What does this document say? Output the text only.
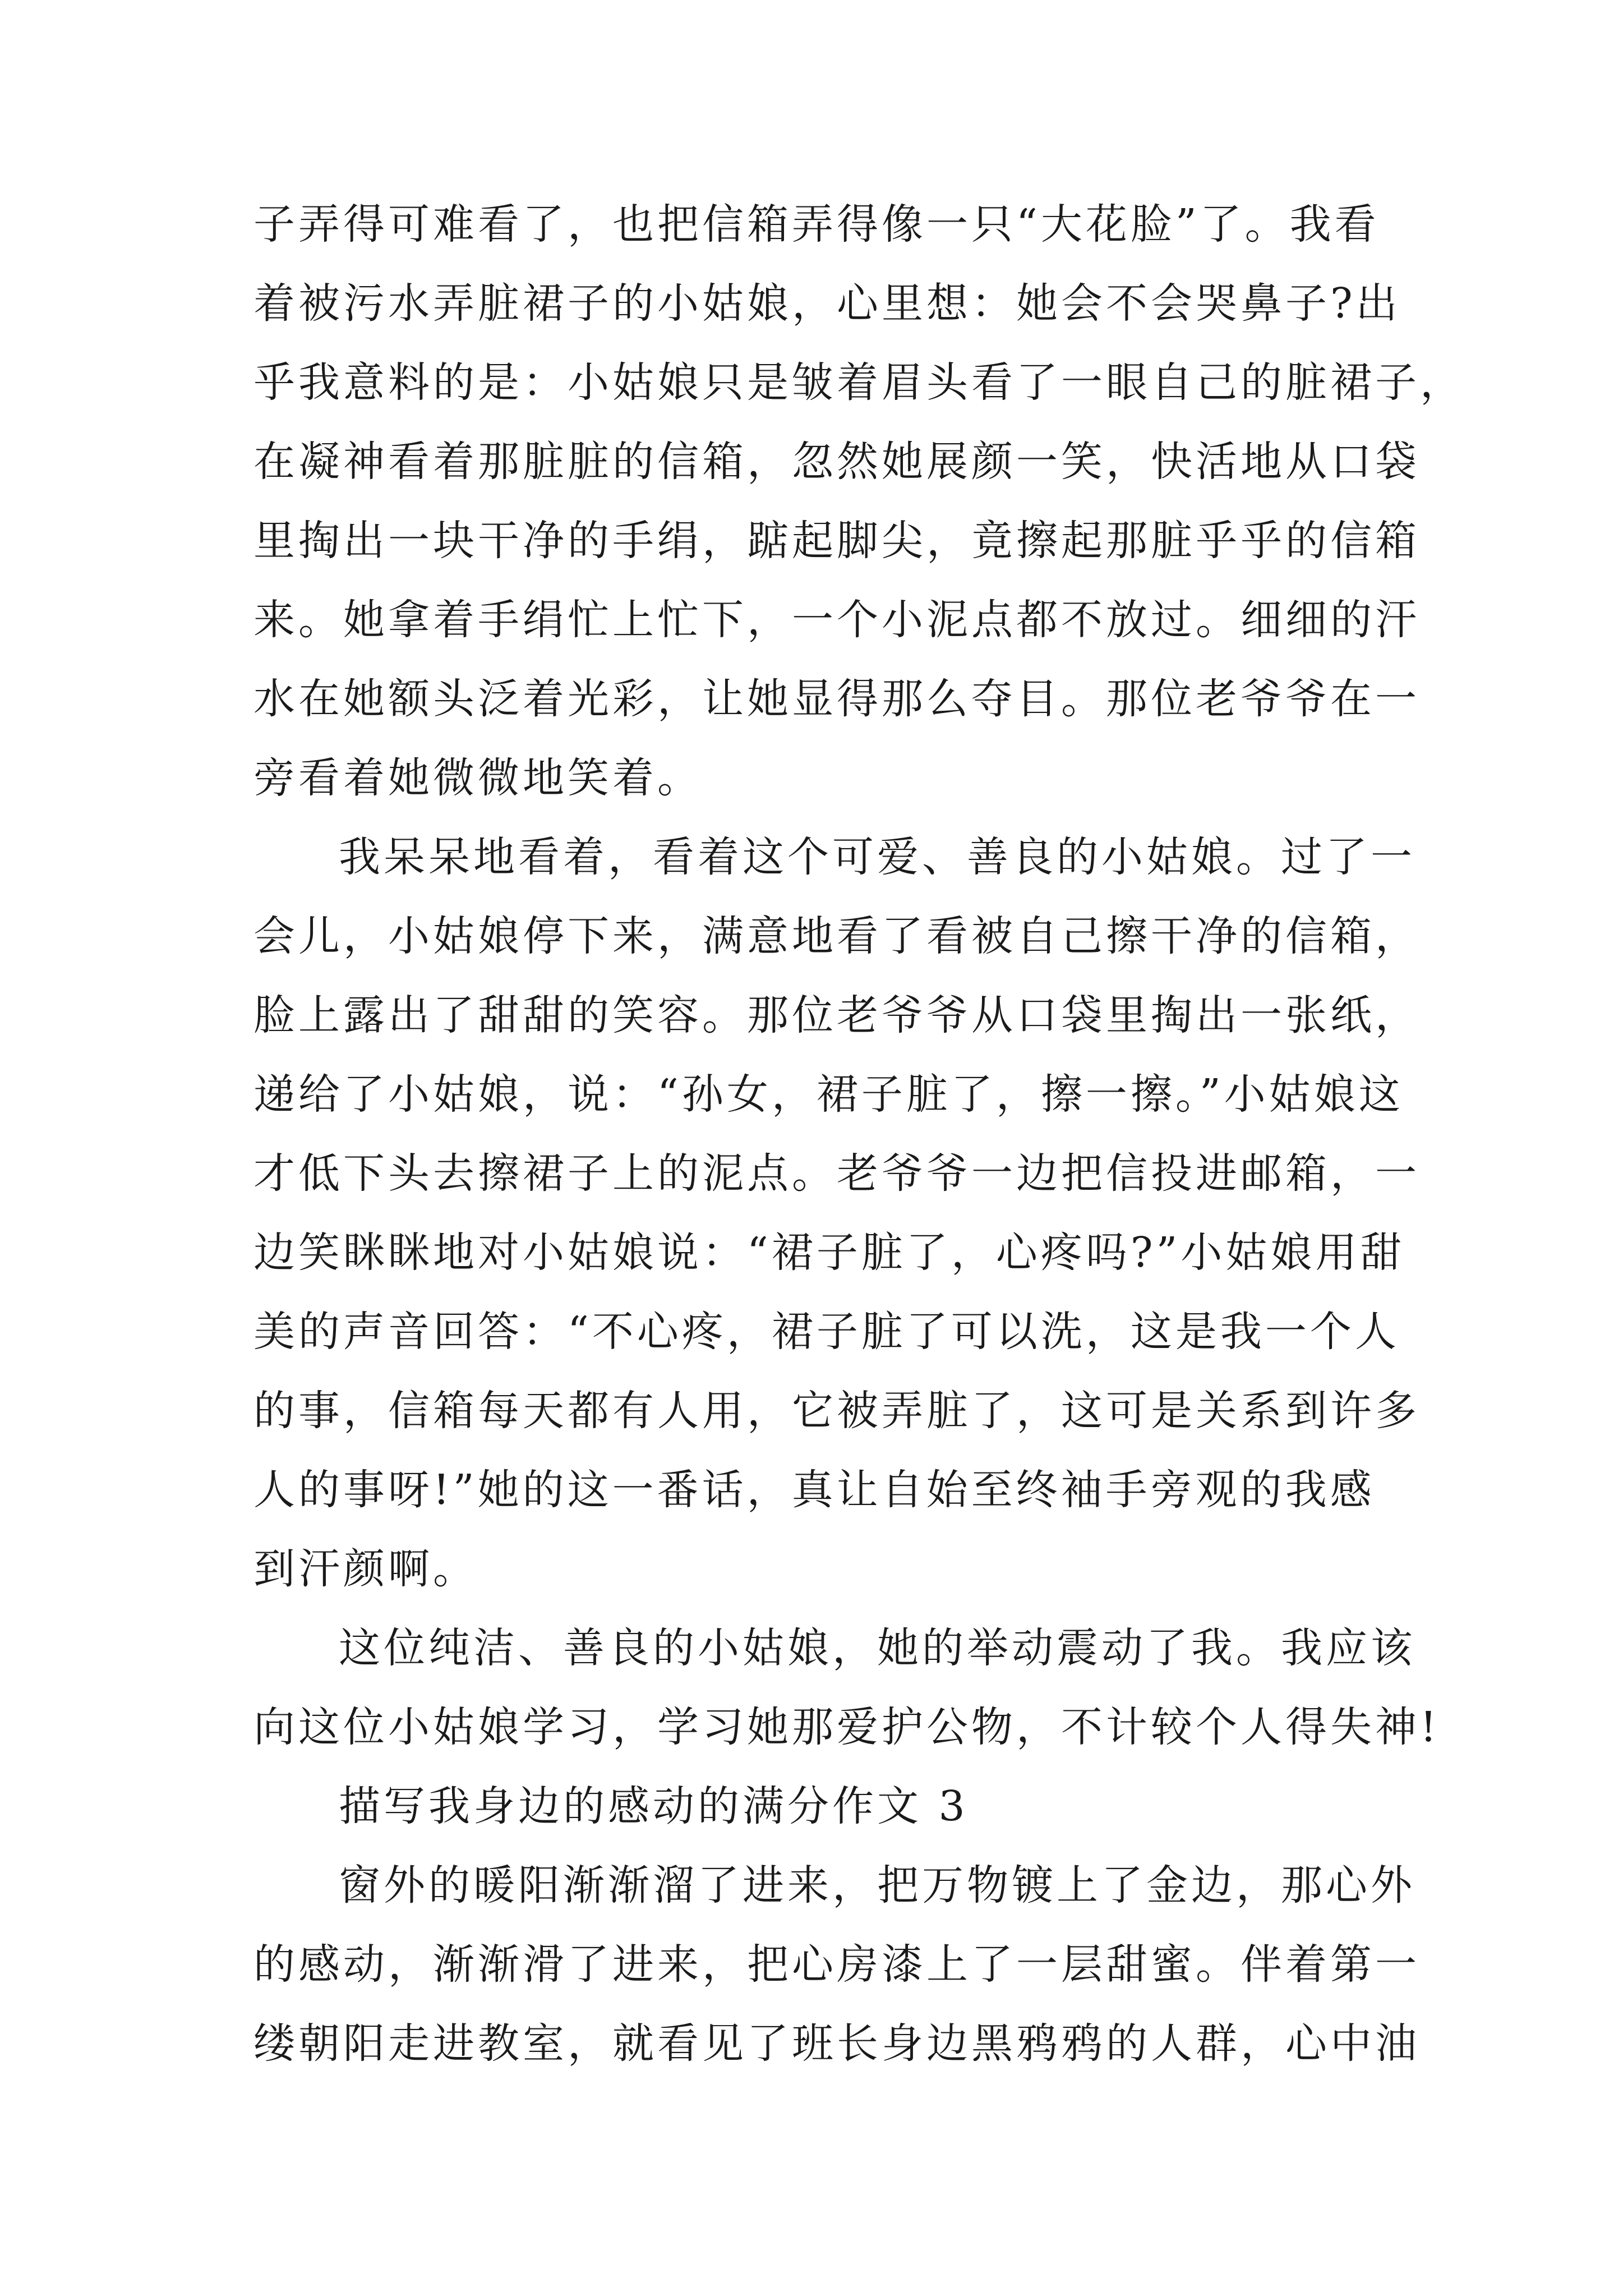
子弄得可难看了，也把信箱弄得像一只“大花脸”了。我看
着被污水弄脏裙子的小姑娘，心里想：她会不会哭鼻子?出
乎我意料的是：小姑娘只是皱着眉头看了一眼自己的脏裙子，
在凝神看着那脏脏的信箱，忽然她展颜一笑，快活地从口袋
里掏出一块干净的手绢，踮起脚尖，竟擦起那脏乎乎的信箱
来。她拿着手绢忙上忙下，一个小泥点都不放过。细细的汗
水在她额头泛着光彩，让她显得那么夺目。那位老爷爷在一
旁看着她微微地笑着。
我呆呆地看着，看着这个可爱、善良的小姑娘。过了一
会儿，小姑娘停下来，满意地看了看被自己擦干净的信箱，
脸上露出了甜甜的笑容。那位老爷爷从口袋里掏出一张纸，
递给了小姑娘，说：“孙女，裙子脏了，擦一擦。”小姑娘这
才低下头去擦裙子上的泥点。老爷爷一边把信投进邮箱，一
边笑眯眯地对小姑娘说：“裙子脏了，心疼吗?”小姑娘用甜
美的声音回答：“不心疼，裙子脏了可以洗，这是我一个人
的事，信箱每天都有人用，它被弄脏了，这可是关系到许多
人的事呀!”她的这一番话，真让自始至终袖手旁观的我感
到汗颜啊。
这位纯洁、善良的小姑娘，她的举动震动了我。我应该
向这位小姑娘学习，学习她那爱护公物，不计较个人得失神!
描写我身边的感动的满分作文 3
窗外的暖阳渐渐溜了进来，把万物镀上了金边，那心外
的感动，渐渐滑了进来，把心房漆上了一层甜蜜。伴着第一
缕朝阳走进教室，就看见了班长身边黑鸦鸦的人群，心中油
